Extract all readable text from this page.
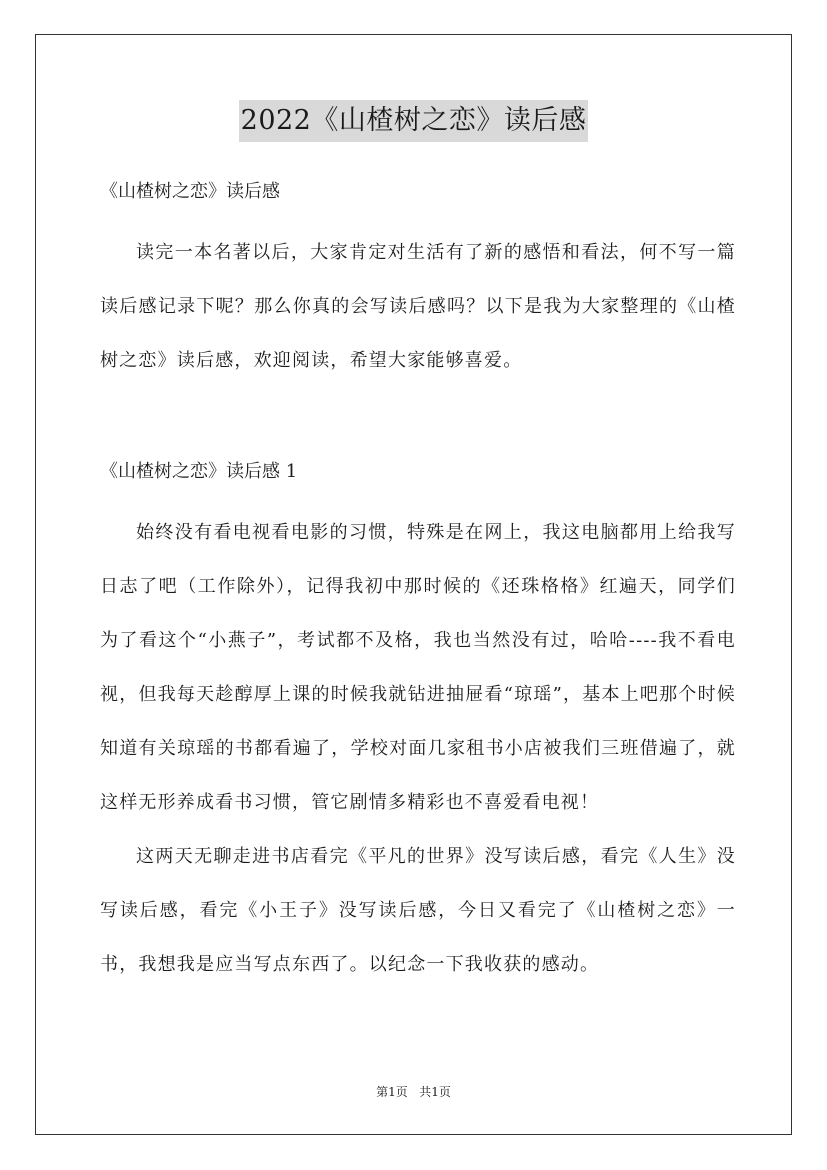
2022《山楂树之恋》读后感

《山楂树之恋》读后感

读完一本名著以后，大家肯定对生活有了新的感悟和看法，何不写一篇读后感记录下呢？那么你真的会写读后感吗？以下是我为大家整理的《山楂树之恋》读后感，欢迎阅读，希望大家能够喜爱。

《山楂树之恋》读后感 1

始终没有看电视看电影的习惯，特殊是在网上，我这电脑都用上给我写日志了吧（工作除外），记得我初中那时候的《还珠格格》红遍天，同学们为了看这个“小燕子”，考试都不及格，我也当然没有过，哈哈----我不看电视，但我每天趁醇厚上课的时候我就钻进抽屉看“琼瑶”，基本上吧那个时候知道有关琼瑶的书都看遍了，学校对面几家租书小店被我们三班借遍了，就这样无形养成看书习惯，管它剧情多精彩也不喜爱看电视！

这两天无聊走进书店看完《平凡的世界》没写读后感，看完《人生》没写读后感，看完《小王子》没写读后感，今日又看完了《山楂树之恋》一书，我想我是应当写点东西了。以纪念一下我收获的感动。

第1页   共1页
